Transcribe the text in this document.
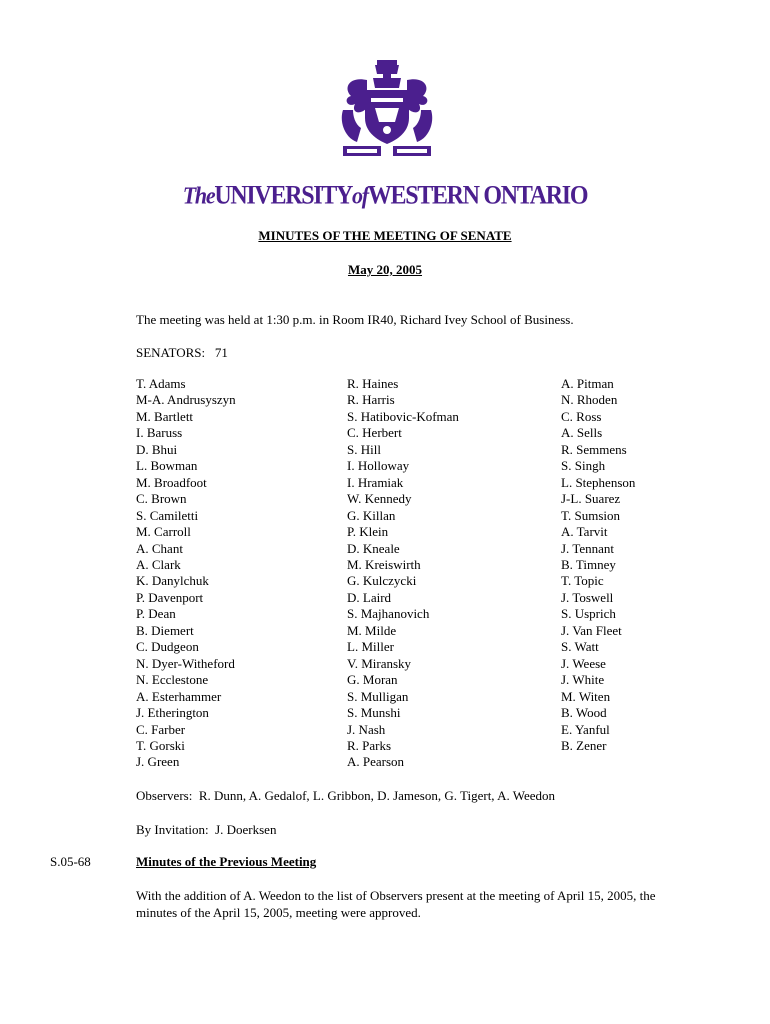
TheUNIVERSITYofWESTERN ONTARIO
MINUTES OF THE MEETING OF SENATE
May 20, 2005
The meeting was held at 1:30 p.m. in Room IR40, Richard Ivey School of Business.
SENATORS:   71
T. Adams
M-A. Andrusyszyn
M. Bartlett
I. Baruss
D. Bhui
L. Bowman
M. Broadfoot
C. Brown
S. Camiletti
M. Carroll
A. Chant
A. Clark
K. Danylchuk
P. Davenport
P. Dean
B. Diemert
C. Dudgeon
N. Dyer-Witheford
N. Ecclestone
A. Esterhammer
J. Etherington
C. Farber
T. Gorski
J. Green
R. Haines
R. Harris
S. Hatibovic-Kofman
C. Herbert
S. Hill
I. Holloway
I. Hramiak
W. Kennedy
G. Killan
P. Klein
D. Kneale
M. Kreiswirth
G. Kulczycki
D. Laird
S. Majhanovich
M. Milde
L. Miller
V. Miransky
G. Moran
S. Mulligan
S. Munshi
J. Nash
R. Parks
A. Pearson
A. Pitman
N. Rhoden
C. Ross
A. Sells
R. Semmens
S. Singh
L. Stephenson
J-L. Suarez
T. Sumsion
A. Tarvit
J. Tennant
B. Timney
T. Topic
J. Toswell
S. Usprich
J. Van Fleet
S. Watt
J. Weese
J. White
M. Witen
B. Wood
E. Yanful
B. Zener
Observers:  R. Dunn, A. Gedalof, L. Gribbon, D. Jameson, G. Tigert, A. Weedon
By Invitation:  J. Doerksen
S.05-68	Minutes of the Previous Meeting
With the addition of A. Weedon to the list of Observers present at the meeting of April 15, 2005, the minutes of the April 15, 2005, meeting were approved.
